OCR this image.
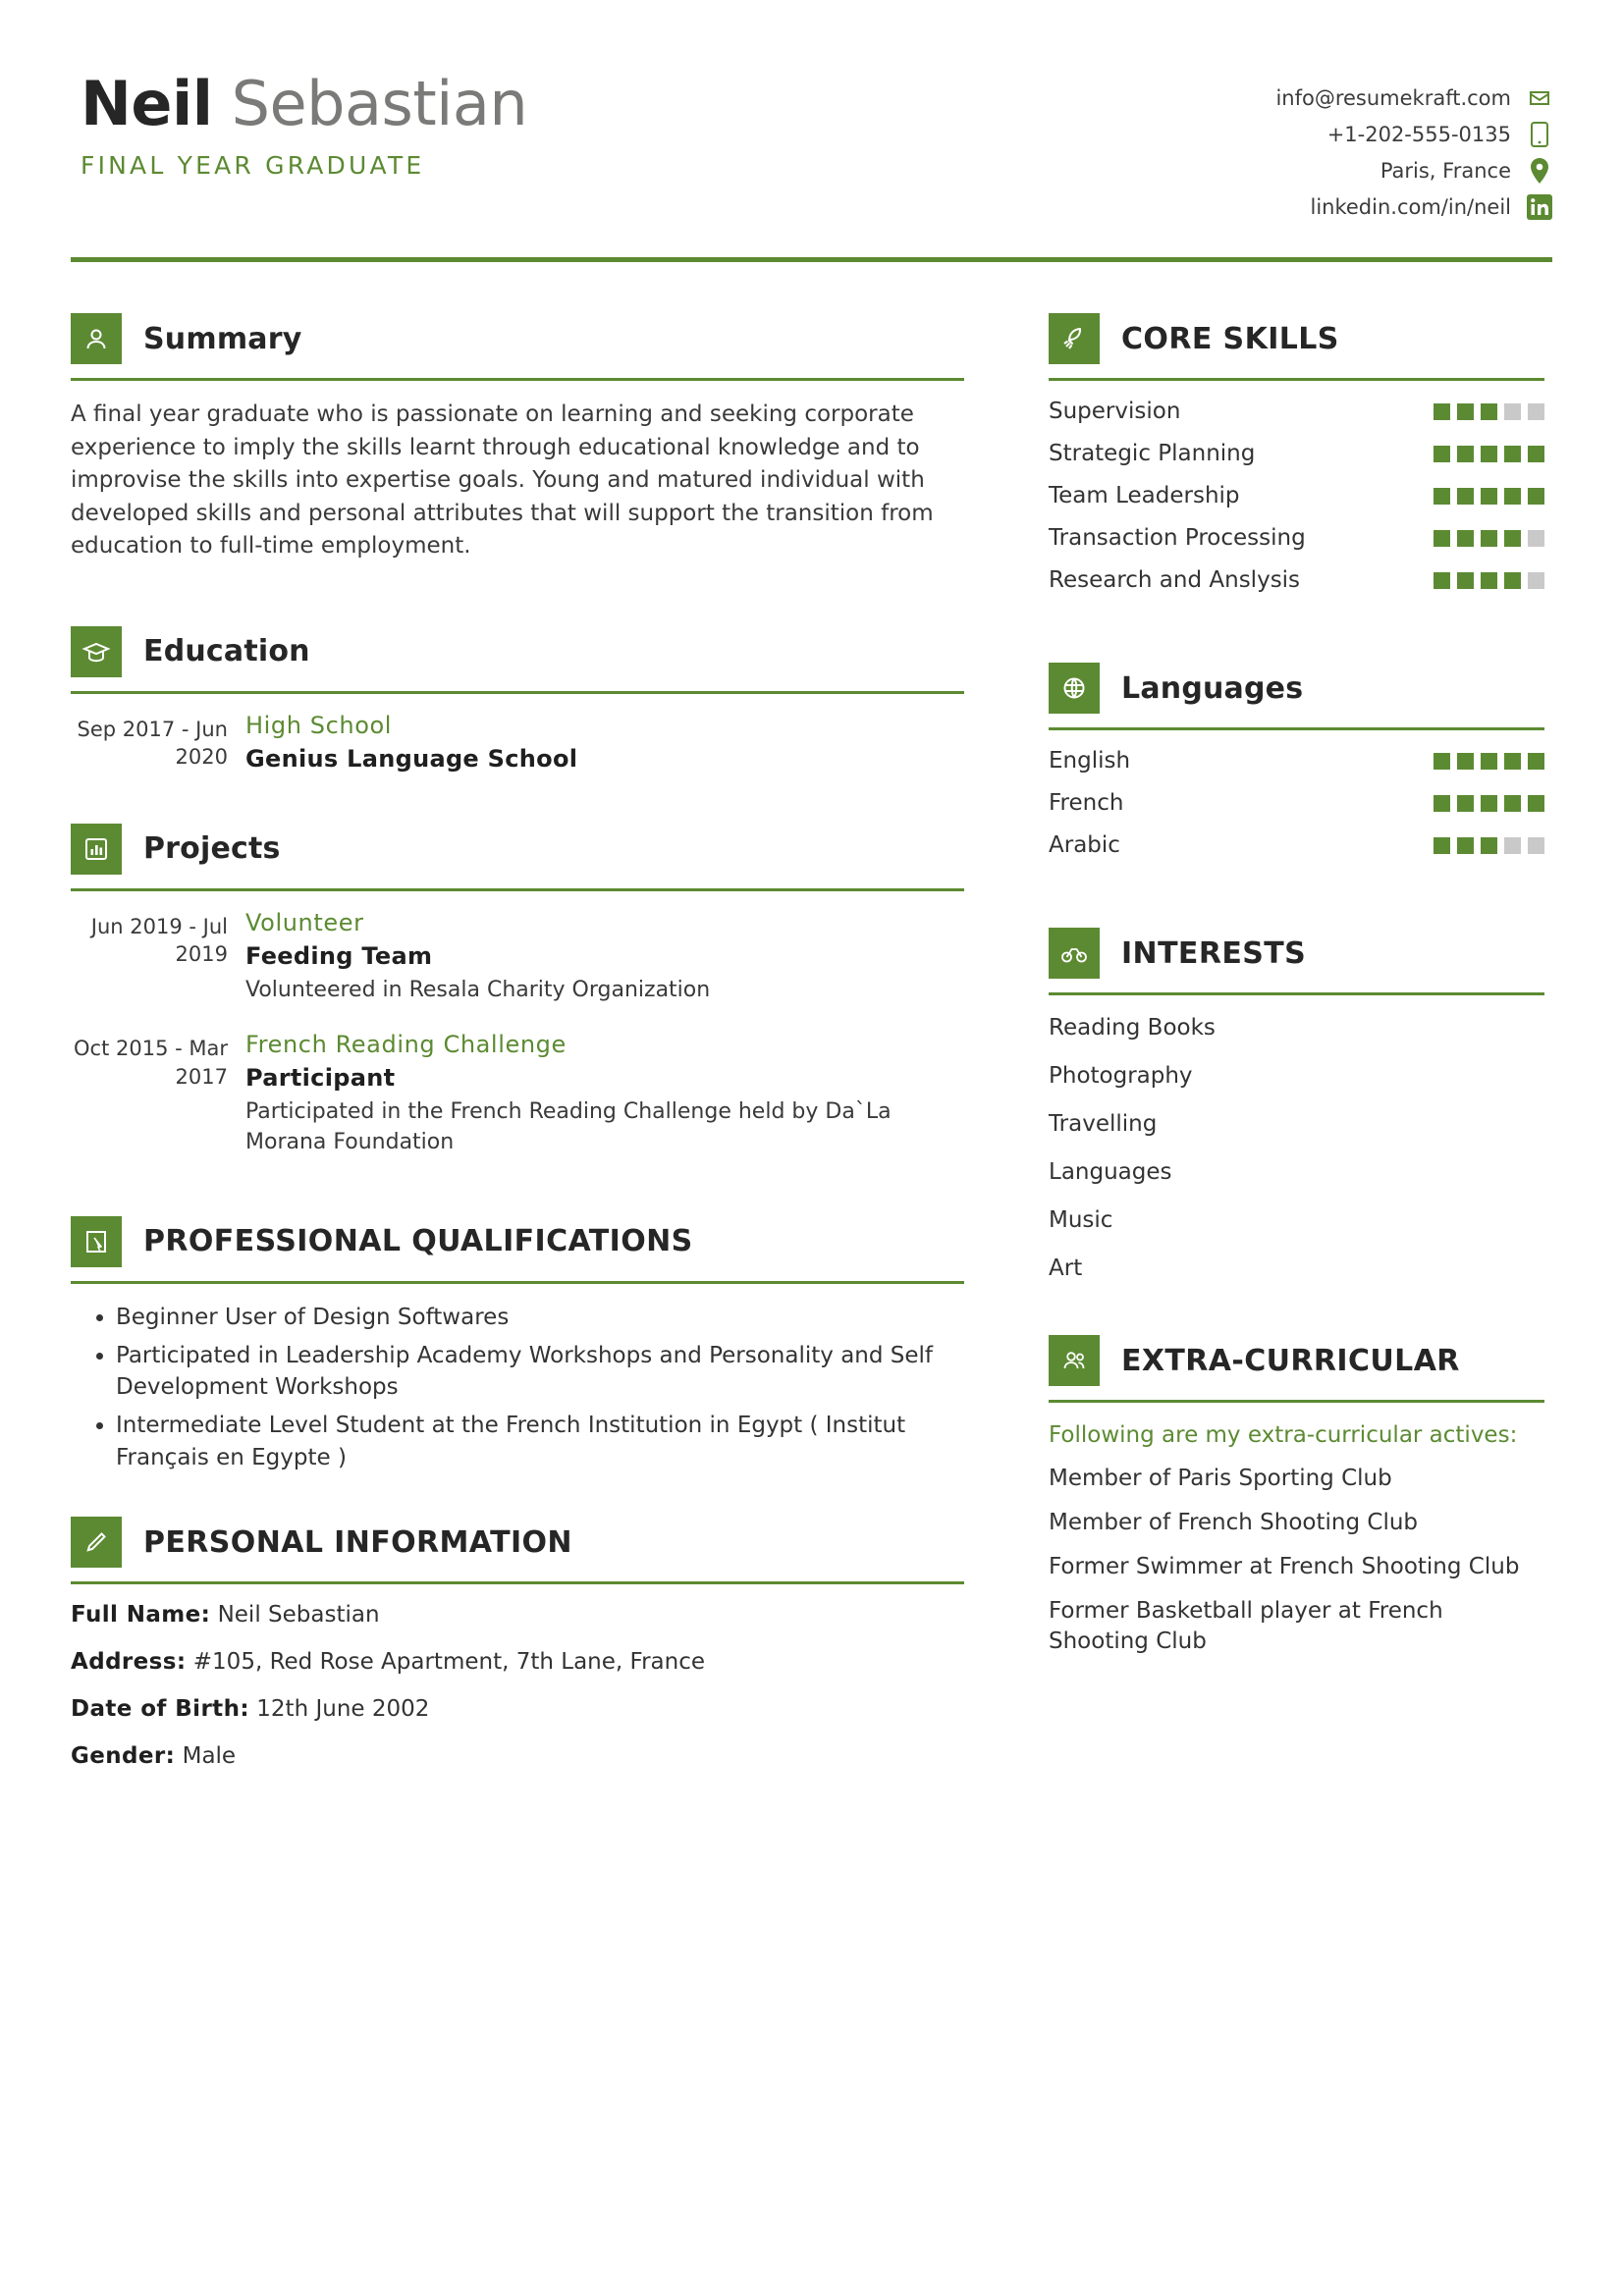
Neil Sebastian
FINAL YEAR GRADUATE
info@resumekraft.com
+1-202-555-0135
Paris, France
linkedin.com/in/neil
Summary
A final year graduate who is passionate on learning and seeking corporate experience to imply the skills learnt through educational knowledge and to improvise the skills into expertise goals. Young and matured individual with developed skills and personal attributes that will support the transition from education to full-time employment.
Education
Sep 2017 - Jun 2020
High School
Genius Language School
Projects
Jun 2019 - Jul 2019
Volunteer
Feeding Team
Volunteered in Resala Charity Organization
Oct 2015 - Mar 2017
French Reading Challenge
Participant
Participated in the French Reading Challenge held by Da`La Morana Foundation
PROFESSIONAL QUALIFICATIONS
• Beginner User of Design Softwares
• Participated in Leadership Academy Workshops and Personality and Self Development Workshops
• Intermediate Level Student at the French Institution in Egypt ( Institut Français en Egypte )
PERSONAL INFORMATION
Full Name: Neil Sebastian
Address: #105, Red Rose Apartment, 7th Lane, France
Date of Birth: 12th June 2002
Gender: Male
CORE SKILLS
Supervision
Strategic Planning
Team Leadership
Transaction Processing
Research and Anslysis
Languages
English
French
Arabic
INTERESTS
Reading Books
Photography
Travelling
Languages
Music
Art
EXTRA-CURRICULAR
Following are my extra-curricular actives:
Member of Paris Sporting Club
Member of French Shooting Club
Former Swimmer at French Shooting Club
Former Basketball player at French Shooting Club
